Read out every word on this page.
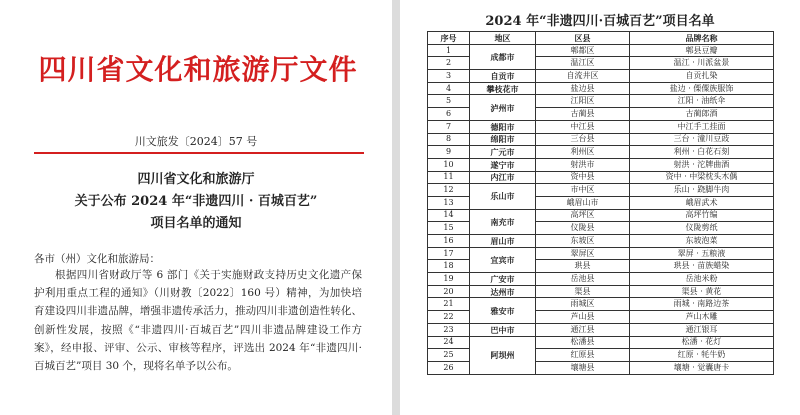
四川省文化和旅游厅文件
川文旅发〔2024〕57 号
四川省文化和旅游厅
关于公布 2024 年“非遗四川 · 百城百艺”
项目名单的通知
各市（州）文化和旅游局：
根据四川省财政厅等 6 部门《关于实施财政支持历史文化遗产保护利用重点工程的通知》（川财教〔2022〕160 号）精神，为加快培育建设四川非遗品牌，增强非遗传承活力，推动四川非遗创造性转化、创新性发展，按照《“非遗四川·百城百艺”四川非遗品牌建设工作方案》，经申报、评审、公示、审核等程序，评选出 2024 年“非遗四川·百城百艺”项目 30 个，现将名单予以公布。
2024 年“非遗四川·百城百艺”项目名单
序号	地区	区县	品牌名称
1	成都市	郫都区	郫县豆瓣
2		温江区	温江 · 川派盆景
3	自贡市	自流井区	自贡扎染
4	攀枝花市	盐边县	盐边 · 傈僳族服饰
5	泸州市	江阳区	江阳 · 油纸伞
6		古蔺县	古蔺郎酒
7	德阳市	中江县	中江手工挂面
8	绵阳市	三台县	三台 · 潼川豆豉
9	广元市	利州区	利州 · 白花石刻
10	遂宁市	射洪市	射洪 · 沱牌曲酒
11	内江市	资中县	资中 · 中梁枕头木偶
12	乐山市	市中区	乐山 · 跷脚牛肉
13		峨眉山市	峨眉武术
14	南充市	高坪区	高坪竹编
15		仪陇县	仪陇剪纸
16	眉山市	东坡区	东坡泡菜
17	宜宾市	翠屏区	翠屏 · 五粮液
18		珙县	珙县 · 苗族蜡染
19	广安市	岳池县	岳池米粉
20	达州市	渠县	渠县 · 黄花
21	雅安市	雨城区	雨城 · 南路边茶
22		芦山县	芦山木雕
23	巴中市	通江县	通江银耳
24	阿坝州	松潘县	松潘 · 花灯
25		红原县	红原 · 牦牛奶
26		壤塘县	壤塘 · 觉囊唐卡
